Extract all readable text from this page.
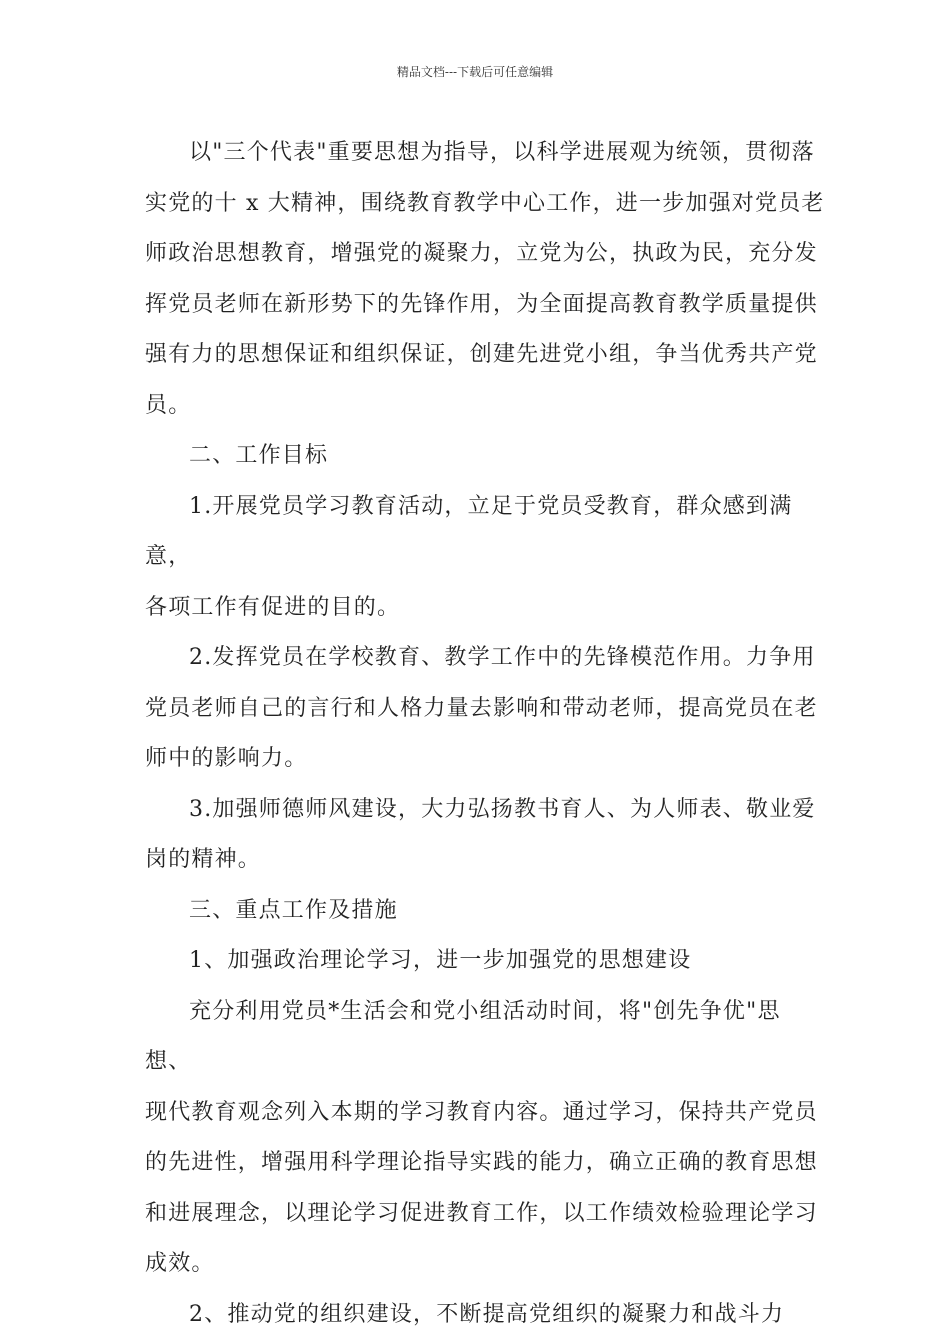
精品文档---下载后可任意编辑

以"三个代表"重要思想为指导，以科学进展观为统领，贯彻落
实党的十 x 大精神，围绕教育教学中心工作，进一步加强对党员老
师政治思想教育，增强党的凝聚力，立党为公，执政为民，充分发
挥党员老师在新形势下的先锋作用，为全面提高教育教学质量提供
强有力的思想保证和组织保证，创建先进党小组，争当优秀共产党
员。

二、工作目标

1.开展党员学习教育活动，立足于党员受教育，群众感到满意，
各项工作有促进的目的。

2.发挥党员在学校教育、教学工作中的先锋模范作用。力争用
党员老师自己的言行和人格力量去影响和带动老师，提高党员在老
师中的影响力。

3.加强师德师风建设，大力弘扬教书育人、为人师表、敬业爱
岗的精神。

三、重点工作及措施

1、加强政治理论学习，进一步加强党的思想建设

充分利用党员*生活会和党小组活动时间，将"创先争优"思想、
现代教育观念列入本期的学习教育内容。通过学习，保持共产党员
的先进性，增强用科学理论指导实践的能力，确立正确的教育思想
和进展理念，以理论学习促进教育工作，以工作绩效检验理论学习
成效。

2、推动党的组织建设，不断提高党组织的凝聚力和战斗力
